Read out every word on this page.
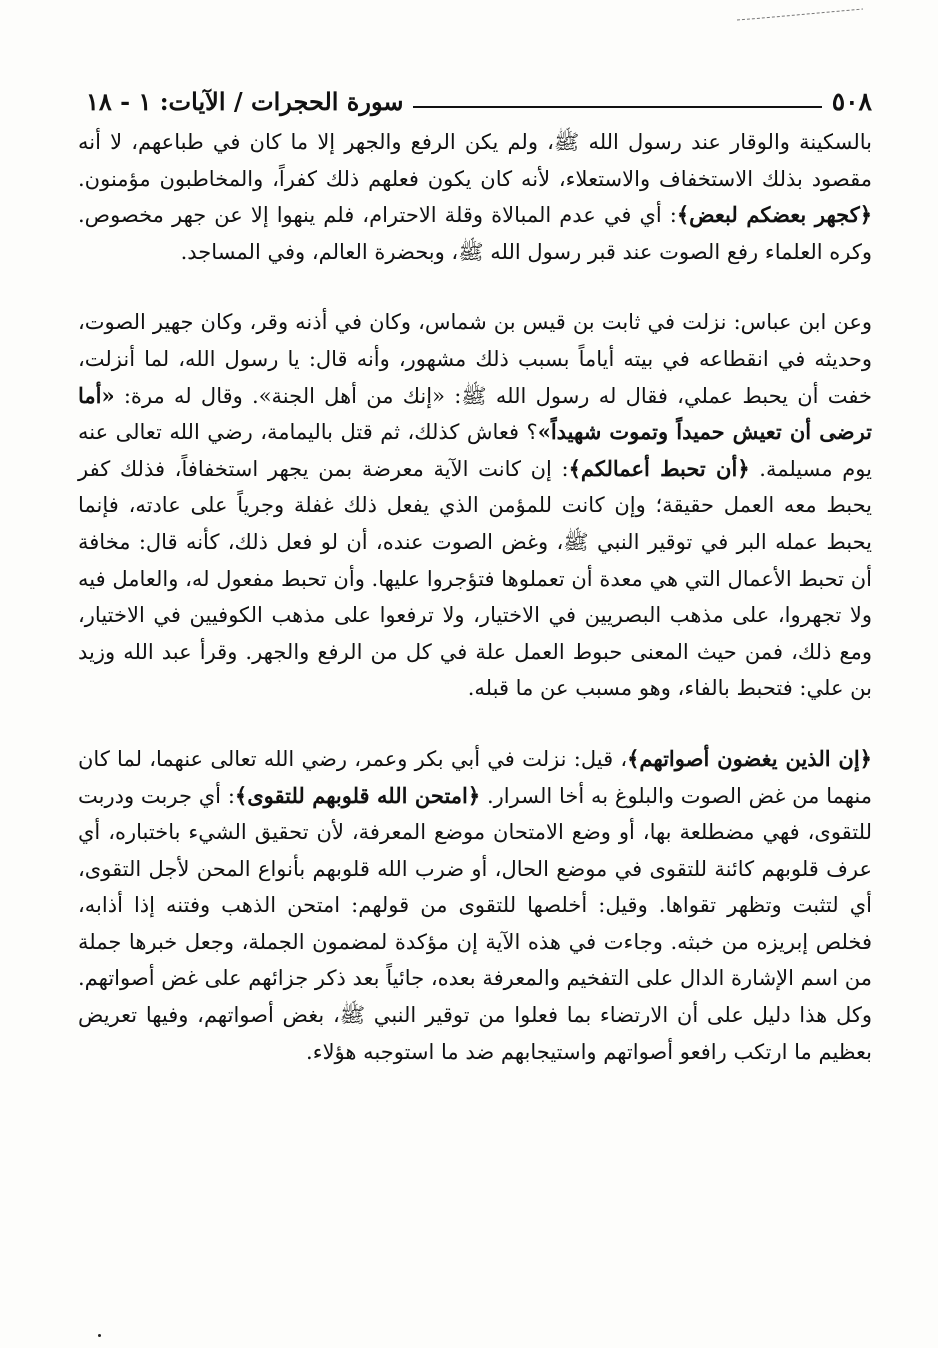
٥٠٨
سورة الحجرات / الآيات: ١ - ١٨

بالسكينة والوقار عند رسول الله ﷺ، ولم يكن الرفع والجهر إلا ما كان في طباعهم، لا أنه مقصود بذلك الاستخفاف والاستعلاء، لأنه كان يكون فعلهم ذلك كفراً، والمخاطبون مؤمنون. ﴿كجهر بعضكم لبعض﴾: أي في عدم المبالاة وقلة الاحترام، فلم ينهوا إلا عن جهر مخصوص. وكره العلماء رفع الصوت عند قبر رسول الله ﷺ، وبحضرة العالم، وفي المساجد.

وعن ابن عباس: نزلت في ثابت بن قيس بن شماس، وكان في أذنه وقر، وكان جهير الصوت، وحديثه في انقطاعه في بيته أياماً بسبب ذلك مشهور، وأنه قال: يا رسول الله، لما أنزلت، خفت أن يحبط عملي، فقال له رسول الله ﷺ: «إنك من أهل الجنة». وقال له مرة: «أما ترضى أن تعيش حميداً وتموت شهيداً»؟ فعاش كذلك، ثم قتل باليمامة، رضي الله تعالى عنه يوم مسيلمة. ﴿أن تحبط أعمالكم﴾: إن كانت الآية معرضة بمن يجهر استخفافاً، فذلك كفر يحبط معه العمل حقيقة؛ وإن كانت للمؤمن الذي يفعل ذلك غفلة وجرياً على عادته، فإنما يحبط عمله البر في توقير النبي ﷺ، وغض الصوت عنده، أن لو فعل ذلك، كأنه قال: مخافة أن تحبط الأعمال التي هي معدة أن تعملوها فتؤجروا عليها. وأن تحبط مفعول له، والعامل فيه ولا تجهروا، على مذهب البصريين في الاختيار، ولا ترفعوا على مذهب الكوفيين في الاختيار، ومع ذلك، فمن حيث المعنى حبوط العمل علة في كل من الرفع والجهر. وقرأ عبد الله وزيد بن علي: فتحبط بالفاء، وهو مسبب عن ما قبله.

﴿إن الذين يغضون أصواتهم﴾، قيل: نزلت في أبي بكر وعمر، رضي الله تعالى عنهما، لما كان منهما من غض الصوت والبلوغ به أخا السرار. ﴿امتحن الله قلوبهم للتقوى﴾: أي جربت ودربت للتقوى، فهي مضطلعة بها، أو وضع الامتحان موضع المعرفة، لأن تحقيق الشيء باختباره، أي عرف قلوبهم كائنة للتقوى في موضع الحال، أو ضرب الله قلوبهم بأنواع المحن لأجل التقوى، أي لتثبت وتظهر تقواها. وقيل: أخلصها للتقوى من قولهم: امتحن الذهب وفتنه إذا أذابه، فخلص إبريزه من خبثه. وجاءت في هذه الآية إن مؤكدة لمضمون الجملة، وجعل خبرها جملة من اسم الإشارة الدال على التفخيم والمعرفة بعده، جائياً بعد ذكر جزائهم على غض أصواتهم. وكل هذا دليل على أن الارتضاء بما فعلوا من توقير النبي ﷺ، بغض أصواتهم، وفيها تعريض بعظيم ما ارتكب رافعو أصواتهم واستيجابهم ضد ما استوجبه هؤلاء.
